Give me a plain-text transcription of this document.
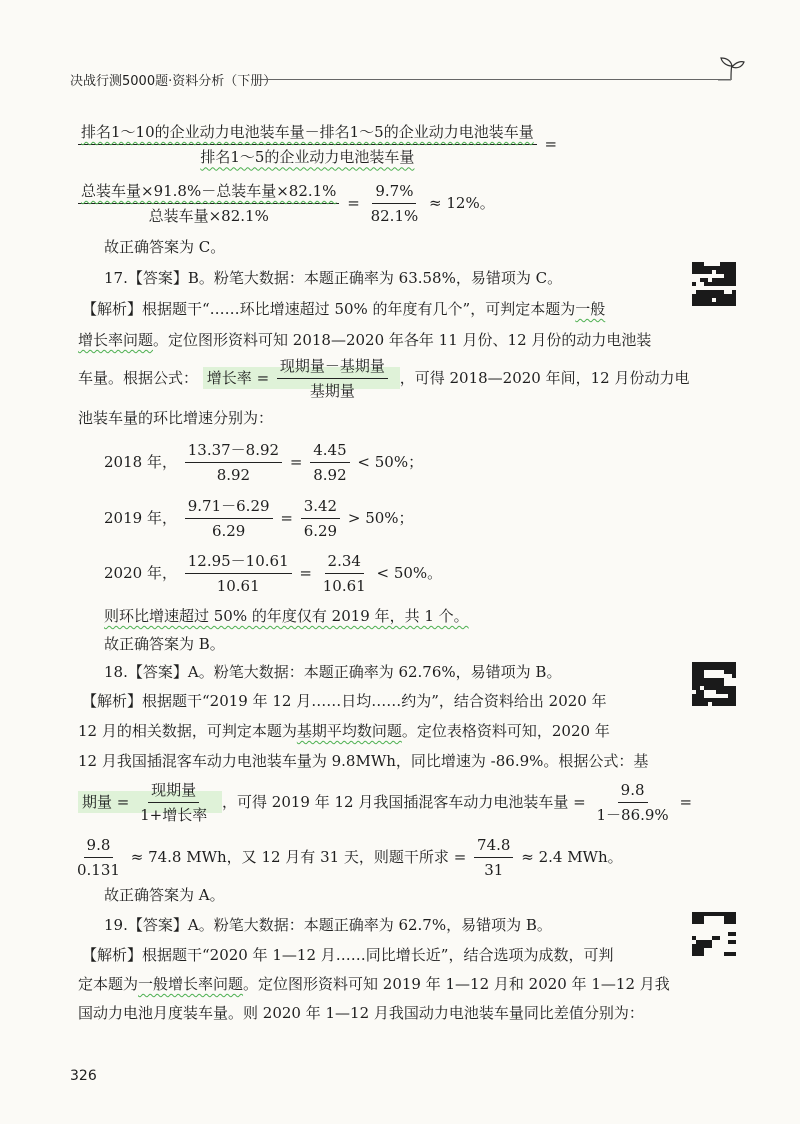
决战行测5000题·资料分析（下册）
$\frac{\text{排名1～10的企业动力电池装车量－排名1～5的企业动力电池装车量}}{\text{排名1～5的企业动力电池装车量}}$ =
$\frac{\text{总装车量×91.8\%－总装车量×82.1\%}}{\text{总装车量×82.1\%}} = \frac{9.7\%}{82.1\%} \approx 12\%$。
故正确答案为 C。
17.【答案】B。粉笔大数据：本题正确率为 63.58%，易错项为 C。
【解析】根据题干“……环比增速超过 50% 的年度有几个”，可判定本题为一般
增长率问题。定位图形资料可知 2018—2020 年各年 11 月份、12 月份的动力电池装
车量。根据公式： 增长率 = $\frac{\text{现期量－基期量}}{\text{基期量}}$ ，可得 2018—2020 年间，12 月份动力电
池装车量的环比增速分别为：
2018 年， $\frac{13.37-8.92}{8.92} = \frac{4.45}{8.92} < 50\%$；
2019 年， $\frac{9.71-6.29}{6.29} = \frac{3.42}{6.29} > 50\%$；
2020 年， $\frac{12.95-10.61}{10.61} = \frac{2.34}{10.61} < 50\%$。
则环比增速超过 50% 的年度仅有 2019 年，共 1 个。
故正确答案为 B。
18.【答案】A。粉笔大数据：本题正确率为 62.76%，易错项为 B。
【解析】根据题干“2019 年 12 月……日均……约为”，结合资料给出 2020 年
12 月的相关数据，可判定本题为基期平均数问题。定位表格资料可知，2020 年
12 月我国插混客车动力电池装车量为 9.8MWh，同比增速为 -86.9%。根据公式：基
期量 = $\frac{\text{现期量}}{\text{1+增长率}}$ ，可得 2019 年 12 月我国插混客车动力电池装车量 = $\frac{9.8}{1-86.9\%}$ =
$\frac{9.8}{0.131} \approx 74.8$ MWh，又 12 月有 31 天，则题干所求 = $\frac{74.8}{31} \approx 2.4$ MWh。
故正确答案为 A。
19.【答案】A。粉笔大数据：本题正确率为 62.7%，易错项为 B。
【解析】根据题干“2020 年 1—12 月……同比增长近”，结合选项为成数，可判
定本题为一般增长率问题。定位图形资料可知 2019 年 1—12 月和 2020 年 1—12 月我
国动力电池月度装车量。则 2020 年 1—12 月我国动力电池装车量同比差值分别为：
326
